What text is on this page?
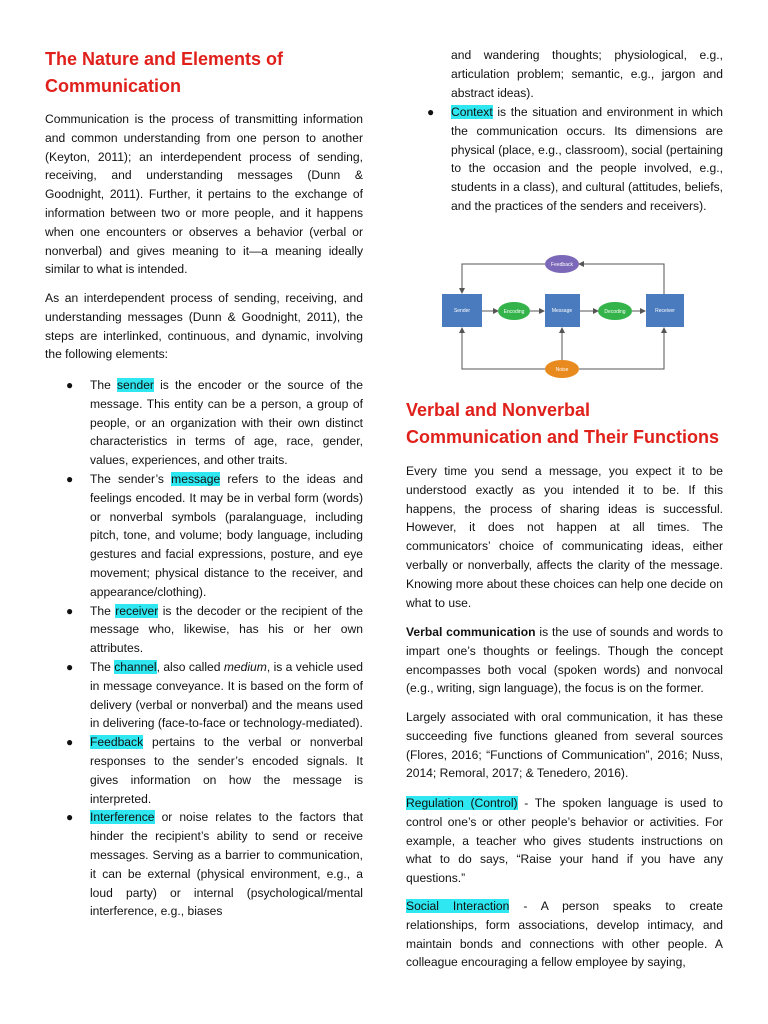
The Nature and Elements of
Communication

Communication is the process of transmitting information and common understanding from one person to another (Keyton, 2011); an interdependent process of sending, receiving, and understanding messages (Dunn & Goodnight, 2011). Further, it pertains to the exchange of information between two or more people, and it happens when one encounters or observes a behavior (verbal or nonverbal) and gives meaning to it—a meaning ideally similar to what is intended.

As an interdependent process of sending, receiving, and understanding messages (Dunn & Goodnight, 2011), the steps are interlinked, continuous, and dynamic, involving the following elements:

● The sender is the encoder or the source of the message. This entity can be a person, a group of people, or an organization with their own distinct characteristics in terms of age, race, gender, values, experiences, and other traits.
● The sender’s message refers to the ideas and feelings encoded. It may be in verbal form (words) or nonverbal symbols (paralanguage, including pitch, tone, and volume; body language, including gestures and facial expressions, posture, and eye movement; physical distance to the receiver, and appearance/clothing).
● The receiver is the decoder or the recipient of the message who, likewise, has his or her own attributes.
● The channel, also called medium, is a vehicle used in message conveyance. It is based on the form of delivery (verbal or nonverbal) and the means used in delivering (face-to-face or technology-mediated).
● Feedback pertains to the verbal or nonverbal responses to the sender’s encoded signals. It gives information on how the message is interpreted.
● Interference or noise relates to the factors that hinder the recipient’s ability to send or receive messages. Serving as a barrier to communication, it can be external (physical environment, e.g., a loud party) or internal (psychological/mental interference, e.g., biases

and wandering thoughts; physiological, e.g., articulation problem; semantic, e.g., jargon and abstract ideas).

● Context is the situation and environment in which the communication occurs. Its dimensions are physical (place, e.g., classroom), social (pertaining to the occasion and the people involved, e.g., students in a class), and cultural (attitudes, beliefs, and the practices of the senders and receivers).
Verbal and Nonverbal
Communication and Their Functions

Every time you send a message, you expect it to be understood exactly as you intended it to be. If this happens, the process of sharing ideas is successful. However, it does not happen at all times. The communicators’ choice of communicating ideas, either verbally or nonverbally, affects the clarity of the message. Knowing more about these choices can help one decide on what to use.

Verbal communication is the use of sounds and words to impart one’s thoughts or feelings. Though the concept encompasses both vocal (spoken words) and nonvocal (e.g., writing, sign language), the focus is on the former.

Largely associated with oral communication, it has these succeeding five functions gleaned from several sources (Flores, 2016; “Functions of Communication”, 2016; Nuss, 2014; Remoral, 2017; & Tenedero, 2016).

Regulation (Control) - The spoken language is used to control one’s or other people’s behavior or activities. For example, a teacher who gives students instructions on what to do says, “Raise your hand if you have any questions.”

Social Interaction - A person speaks to create relationships, form associations, develop intimacy, and maintain bonds and connections with other people. A colleague encouraging a fellow employee by saying,

Feedback
Sender	Encoding	Message	Decoding	Receiver
Noise
